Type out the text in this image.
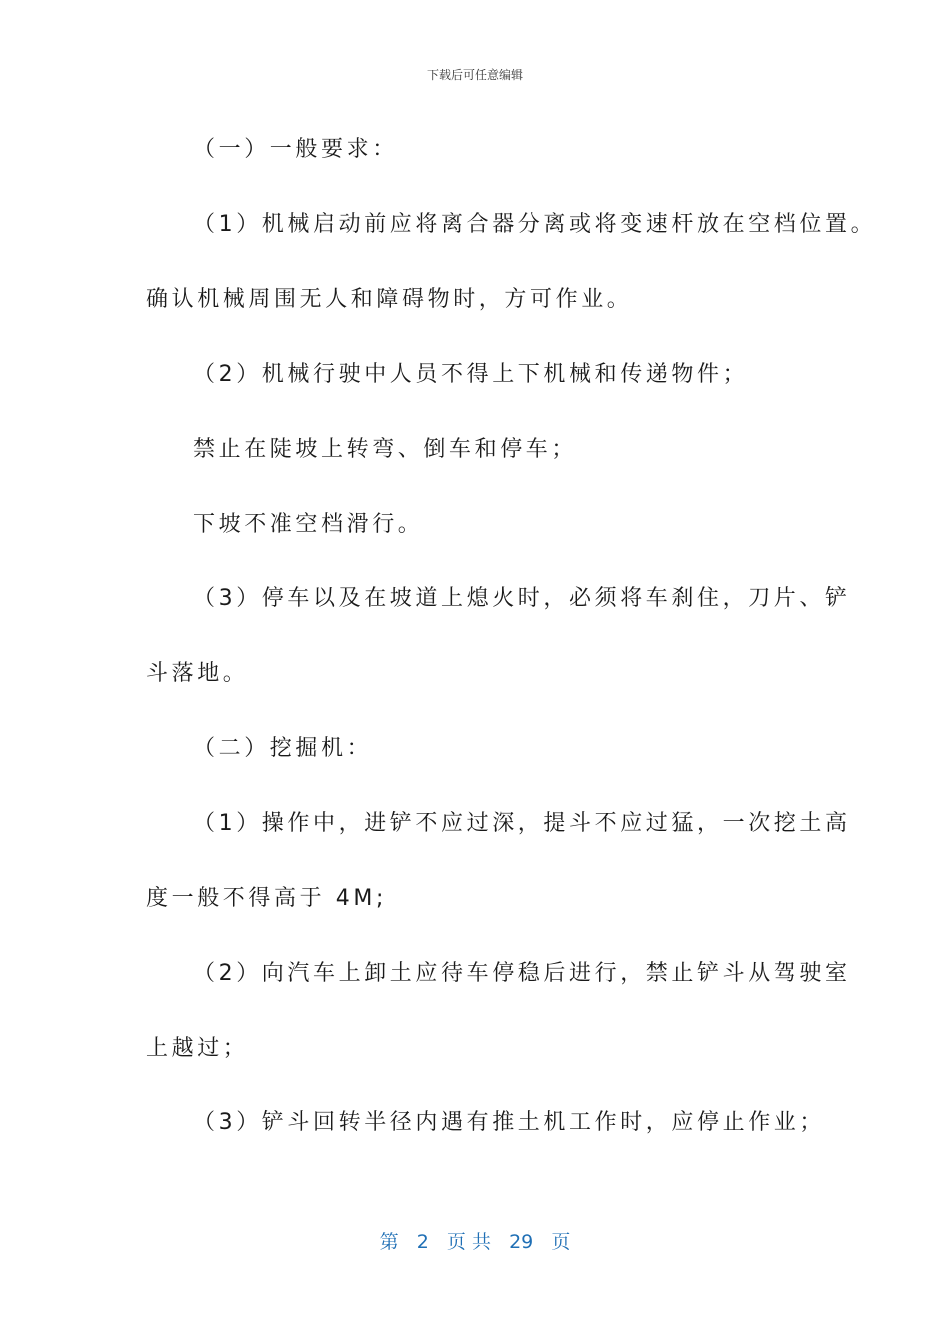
下载后可任意编辑
（一）一般要求：
（1）机械启动前应将离合器分离或将变速杆放在空档位置。
确认机械周围无人和障碍物时，方可作业。
（2）机械行驶中人员不得上下机械和传递物件；
禁止在陡坡上转弯、倒车和停车；
下坡不准空档滑行。
（3）停车以及在坡道上熄火时，必须将车刹住，刀片、铲
斗落地。
（二）挖掘机：
（1）操作中，进铲不应过深，提斗不应过猛，一次挖土高
度一般不得高于 4M;
（2）向汽车上卸土应待车停稳后进行，禁止铲斗从驾驶室
上越过；
（3）铲斗回转半径内遇有推土机工作时，应停止作业；
第 2 页 共 29 页
